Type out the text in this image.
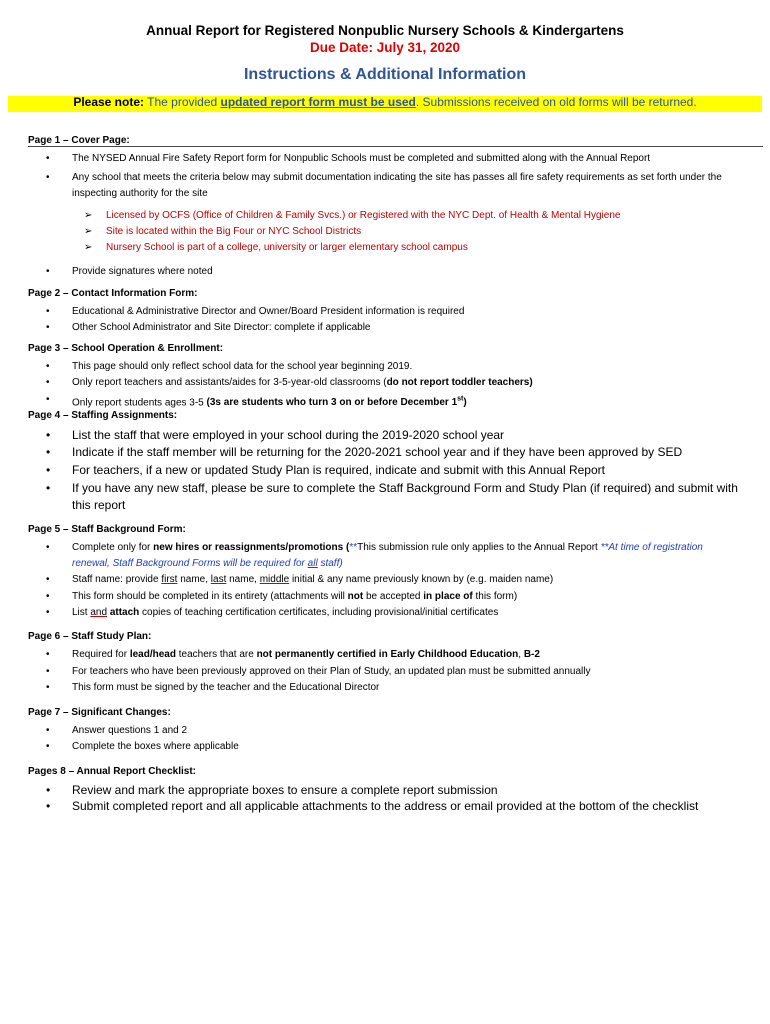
Annual Report for Registered Nonpublic Nursery Schools & Kindergartens
Due Date: July 31, 2020
Instructions & Additional Information
Please note: The provided updated report form must be used. Submissions received on old forms will be returned.
Page 1 – Cover Page:
• The NYSED Annual Fire Safety Report form for Nonpublic Schools must be completed and submitted along with the Annual Report
• Any school that meets the criteria below may submit documentation indicating the site has passes all fire safety requirements as set forth under the inspecting authority for the site
➢ Licensed by OCFS (Office of Children & Family Svcs.) or Registered with the NYC Dept. of Health & Mental Hygiene
➢ Site is located within the Big Four or NYC School Districts
➢ Nursery School is part of a college, university or larger elementary school campus
• Provide signatures where noted
Page 2 – Contact Information Form:
• Educational & Administrative Director and Owner/Board President information is required
• Other School Administrator and Site Director: complete if applicable
Page 3 – School Operation & Enrollment:
• This page should only reflect school data for the school year beginning 2019.
• Only report teachers and assistants/aides for 3-5-year-old classrooms (do not report toddler teachers)
• Only report students ages 3-5 (3s are students who turn 3 on or before December 1st)
Page 4 – Staffing Assignments:
• List the staff that were employed in your school during the 2019-2020 school year
• Indicate if the staff member will be returning for the 2020-2021 school year and if they have been approved by SED
• For teachers, if a new or updated Study Plan is required, indicate and submit with this Annual Report
• If you have any new staff, please be sure to complete the Staff Background Form and Study Plan (if required) and submit with this report
Page 5 – Staff Background Form:
• Complete only for new hires or reassignments/promotions (**This submission rule only applies to the Annual Report **At time of registration renewal, Staff Background Forms will be required for all staff)
• Staff name: provide first name, last name, middle initial & any name previously known by (e.g. maiden name)
• This form should be completed in its entirety (attachments will not be accepted in place of this form)
• List and attach copies of teaching certification certificates, including provisional/initial certificates
Page 6 – Staff Study Plan:
• Required for lead/head teachers that are not permanently certified in Early Childhood Education, B-2
• For teachers who have been previously approved on their Plan of Study, an updated plan must be submitted annually
• This form must be signed by the teacher and the Educational Director
Page 7 – Significant Changes:
• Answer questions 1 and 2
• Complete the boxes where applicable
Pages 8 – Annual Report Checklist:
• Review and mark the appropriate boxes to ensure a complete report submission
• Submit completed report and all applicable attachments to the address or email provided at the bottom of the checklist
